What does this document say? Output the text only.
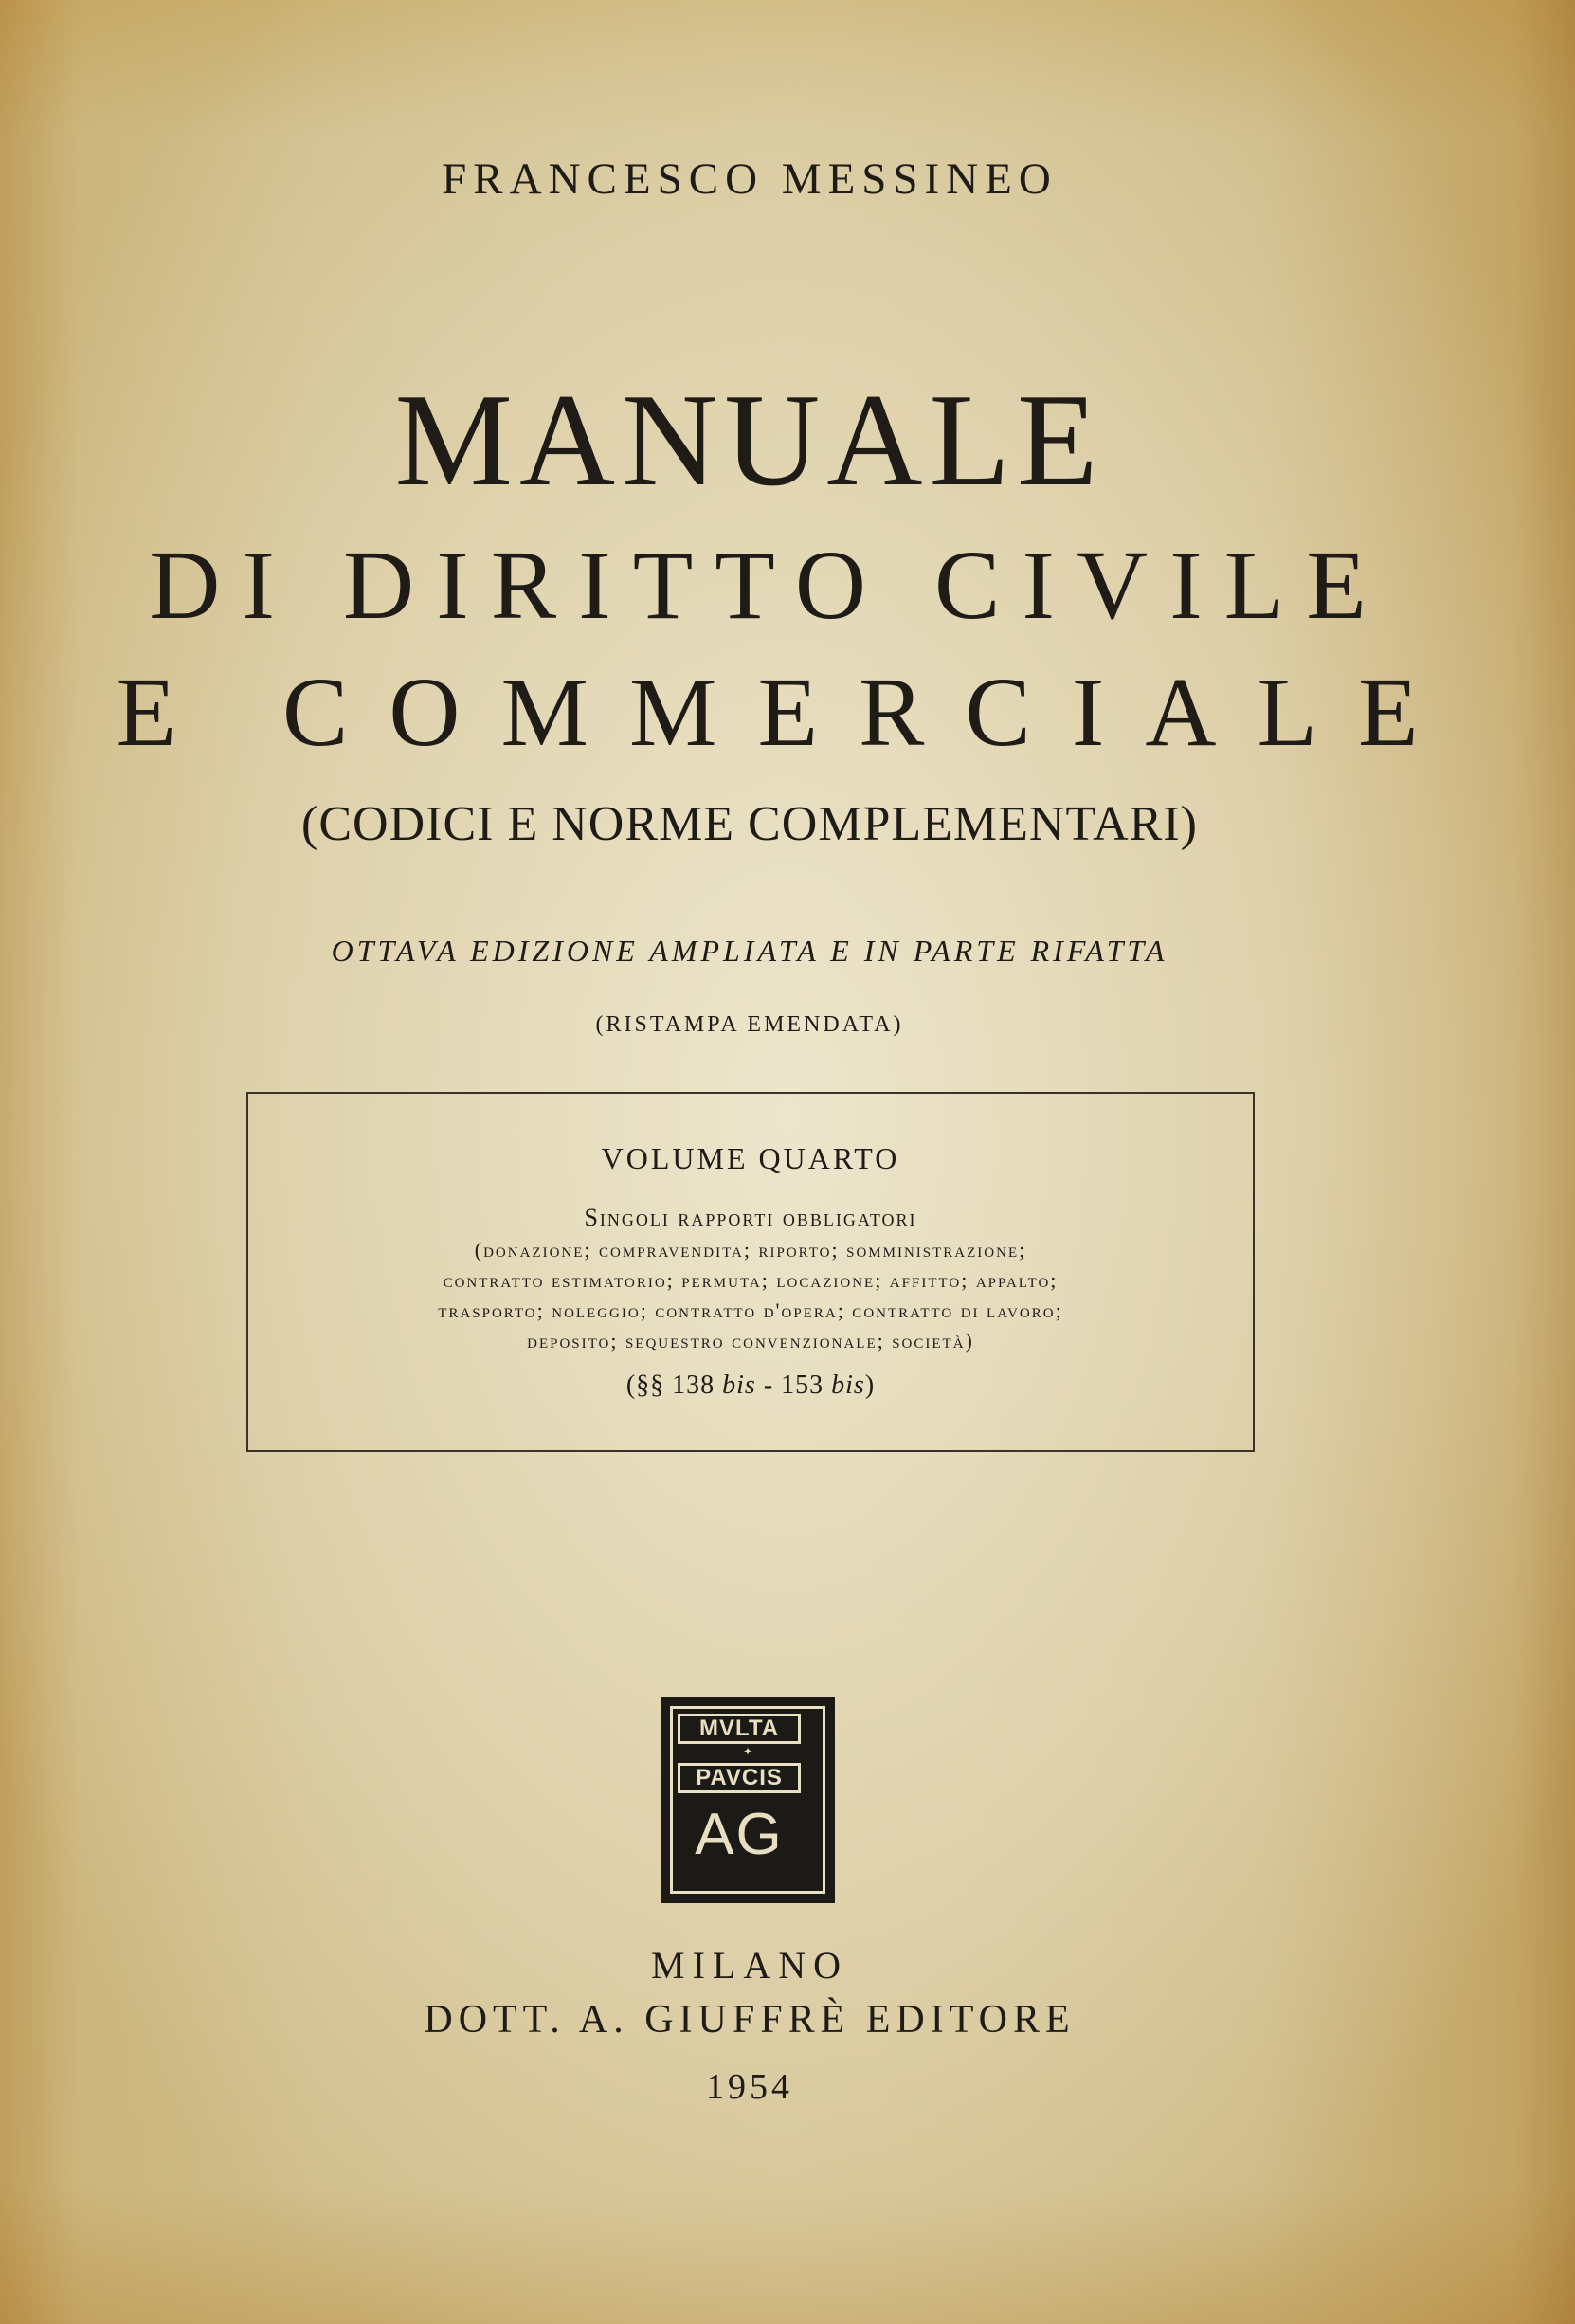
FRANCESCO MESSINEO

MANUALE

DI DIRITTO CIVILE

E COMMERCIALE

(CODICI E NORME COMPLEMENTARI)

OTTAVA EDIZIONE AMPLIATA E IN PARTE RIFATTA

(RISTAMPA EMENDATA)

VOLUME QUARTO

Singoli rapporti obbligatori

(donazione; compravendita; riporto; somministrazione;

contratto estimatorio; permuta; locazione; affitto; appalto;

trasporto; noleggio; contratto d'opera; contratto di lavoro;

deposito; sequestro convenzionale; società)

(§§ 138 bis - 153 bis)

MVLTA
✦
PAVCIS
AG

MILANO

DOTT. A. GIUFFRÈ EDITORE

1954
